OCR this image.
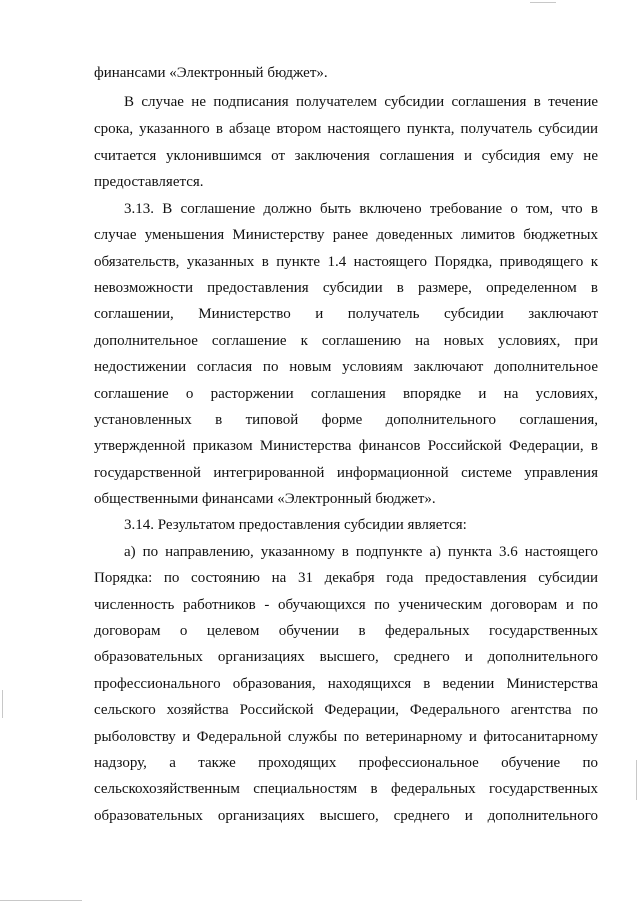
финансами «Электронный бюджет».
В случае не подписания получателем субсидии соглашения в течение
срока, указанного в абзаце втором настоящего пункта, получатель субсидии
считается уклонившимся от заключения соглашения и субсидия ему не
предоставляется.
3.13. В соглашение должно быть включено требование о том, что в
случае уменьшения Министерству ранее доведенных лимитов бюджетных
обязательств, указанных в пункте 1.4 настоящего Порядка, приводящего к
невозможности предоставления субсидии в размере, определенном в
соглашении, Министерство и получатель субсидии заключают
дополнительное соглашение к соглашению на новых условиях, при
недостижении согласия по новым условиям заключают дополнительное
соглашение о расторжении соглашения впорядке и на условиях,
установленных в типовой форме дополнительного соглашения,
утвержденной приказом Министерства финансов Российской Федерации, в
государственной интегрированной информационной системе управления
общественными финансами «Электронный бюджет».
3.14. Результатом предоставления субсидии является:
а) по направлению, указанному в подпункте а) пункта 3.6 настоящего
Порядка: по состоянию на 31 декабря года предоставления субсидии
численность работников - обучающихся по ученическим договорам и по
договорам о целевом обучении в федеральных государственных
образовательных организациях высшего, среднего и дополнительного
профессионального образования, находящихся в ведении Министерства
сельского хозяйства Российской Федерации, Федерального агентства по
рыболовству и Федеральной службы по ветеринарному и фитосанитарному
надзору, а также проходящих профессиональное обучение по
сельскохозяйственным специальностям в федеральных государственных
образовательных организациях высшего, среднего и дополнительного
